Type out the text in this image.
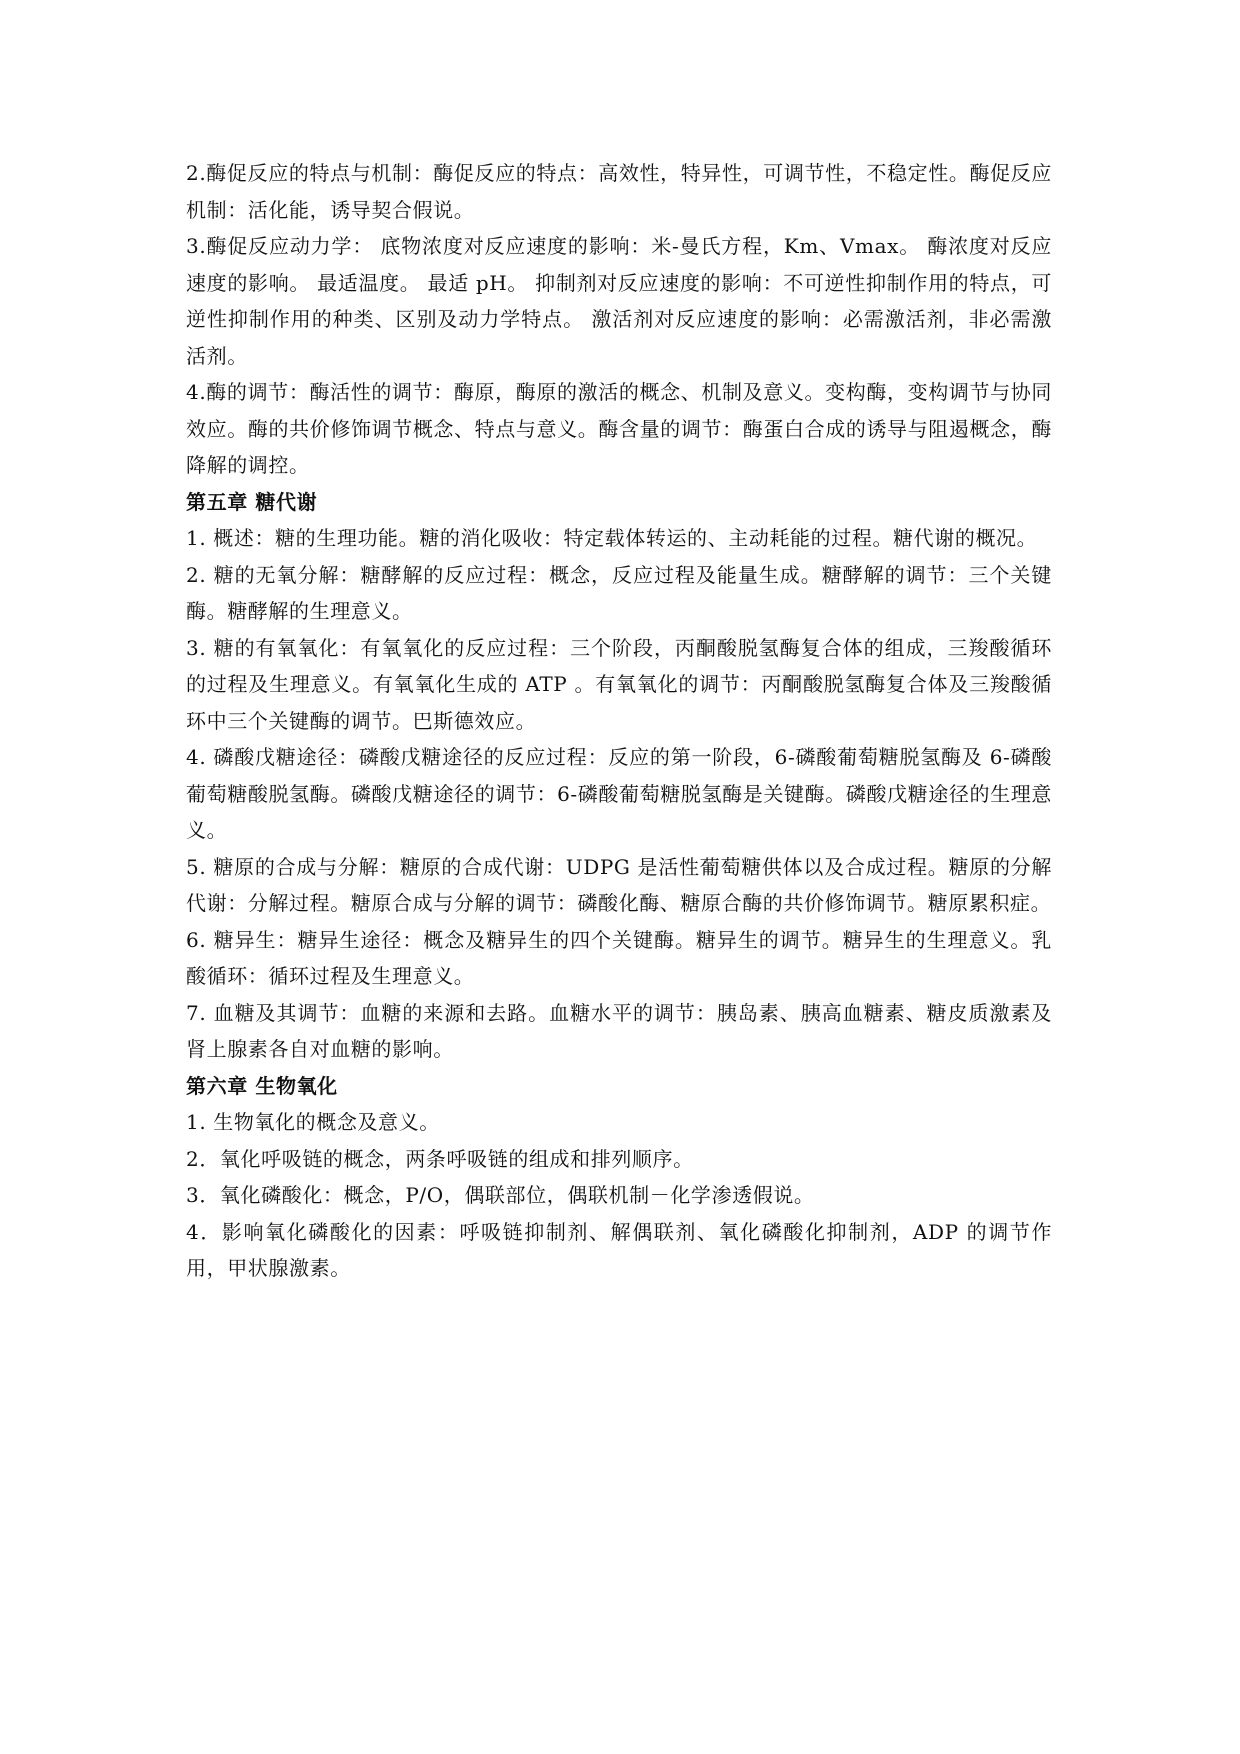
2.酶促反应的特点与机制：酶促反应的特点：高效性，特异性，可调节性，不稳定性。酶促反应机制：活化能，诱导契合假说。

3.酶促反应动力学： 底物浓度对反应速度的影响：米-曼氏方程，Km、Vmax。 酶浓度对反应速度的影响。 最适温度。 最适 pH。 抑制剂对反应速度的影响：不可逆性抑制作用的特点，可逆性抑制作用的种类、区别及动力学特点。 激活剂对反应速度的影响：必需激活剂，非必需激活剂。

4.酶的调节：酶活性的调节：酶原，酶原的激活的概念、机制及意义。变构酶，变构调节与协同效应。酶的共价修饰调节概念、特点与意义。酶含量的调节：酶蛋白合成的诱导与阻遏概念，酶降解的调控。

第五章 糖代谢

1. 概述：糖的生理功能。糖的消化吸收：特定载体转运的、主动耗能的过程。糖代谢的概况。

2. 糖的无氧分解：糖酵解的反应过程：概念，反应过程及能量生成。糖酵解的调节：三个关键酶。糖酵解的生理意义。

3. 糖的有氧氧化：有氧氧化的反应过程：三个阶段，丙酮酸脱氢酶复合体的组成，三羧酸循环的过程及生理意义。有氧氧化生成的 ATP 。有氧氧化的调节：丙酮酸脱氢酶复合体及三羧酸循环中三个关键酶的调节。巴斯德效应。

4. 磷酸戊糖途径：磷酸戊糖途径的反应过程：反应的第一阶段，6-磷酸葡萄糖脱氢酶及 6-磷酸葡萄糖酸脱氢酶。磷酸戊糖途径的调节：6-磷酸葡萄糖脱氢酶是关键酶。磷酸戊糖途径的生理意义。

5. 糖原的合成与分解：糖原的合成代谢：UDPG 是活性葡萄糖供体以及合成过程。糖原的分解代谢：分解过程。糖原合成与分解的调节：磷酸化酶、糖原合酶的共价修饰调节。糖原累积症。

6. 糖异生：糖异生途径：概念及糖异生的四个关键酶。糖异生的调节。糖异生的生理意义。乳酸循环：循环过程及生理意义。

7. 血糖及其调节：血糖的来源和去路。血糖水平的调节：胰岛素、胰高血糖素、糖皮质激素及肾上腺素各自对血糖的影响。

第六章 生物氧化

1. 生物氧化的概念及意义。

2．氧化呼吸链的概念，两条呼吸链的组成和排列顺序。

3．氧化磷酸化：概念，P/O，偶联部位，偶联机制－化学渗透假说。

4．影响氧化磷酸化的因素：呼吸链抑制剂、解偶联剂、氧化磷酸化抑制剂，ADP 的调节作用，甲状腺激素。
